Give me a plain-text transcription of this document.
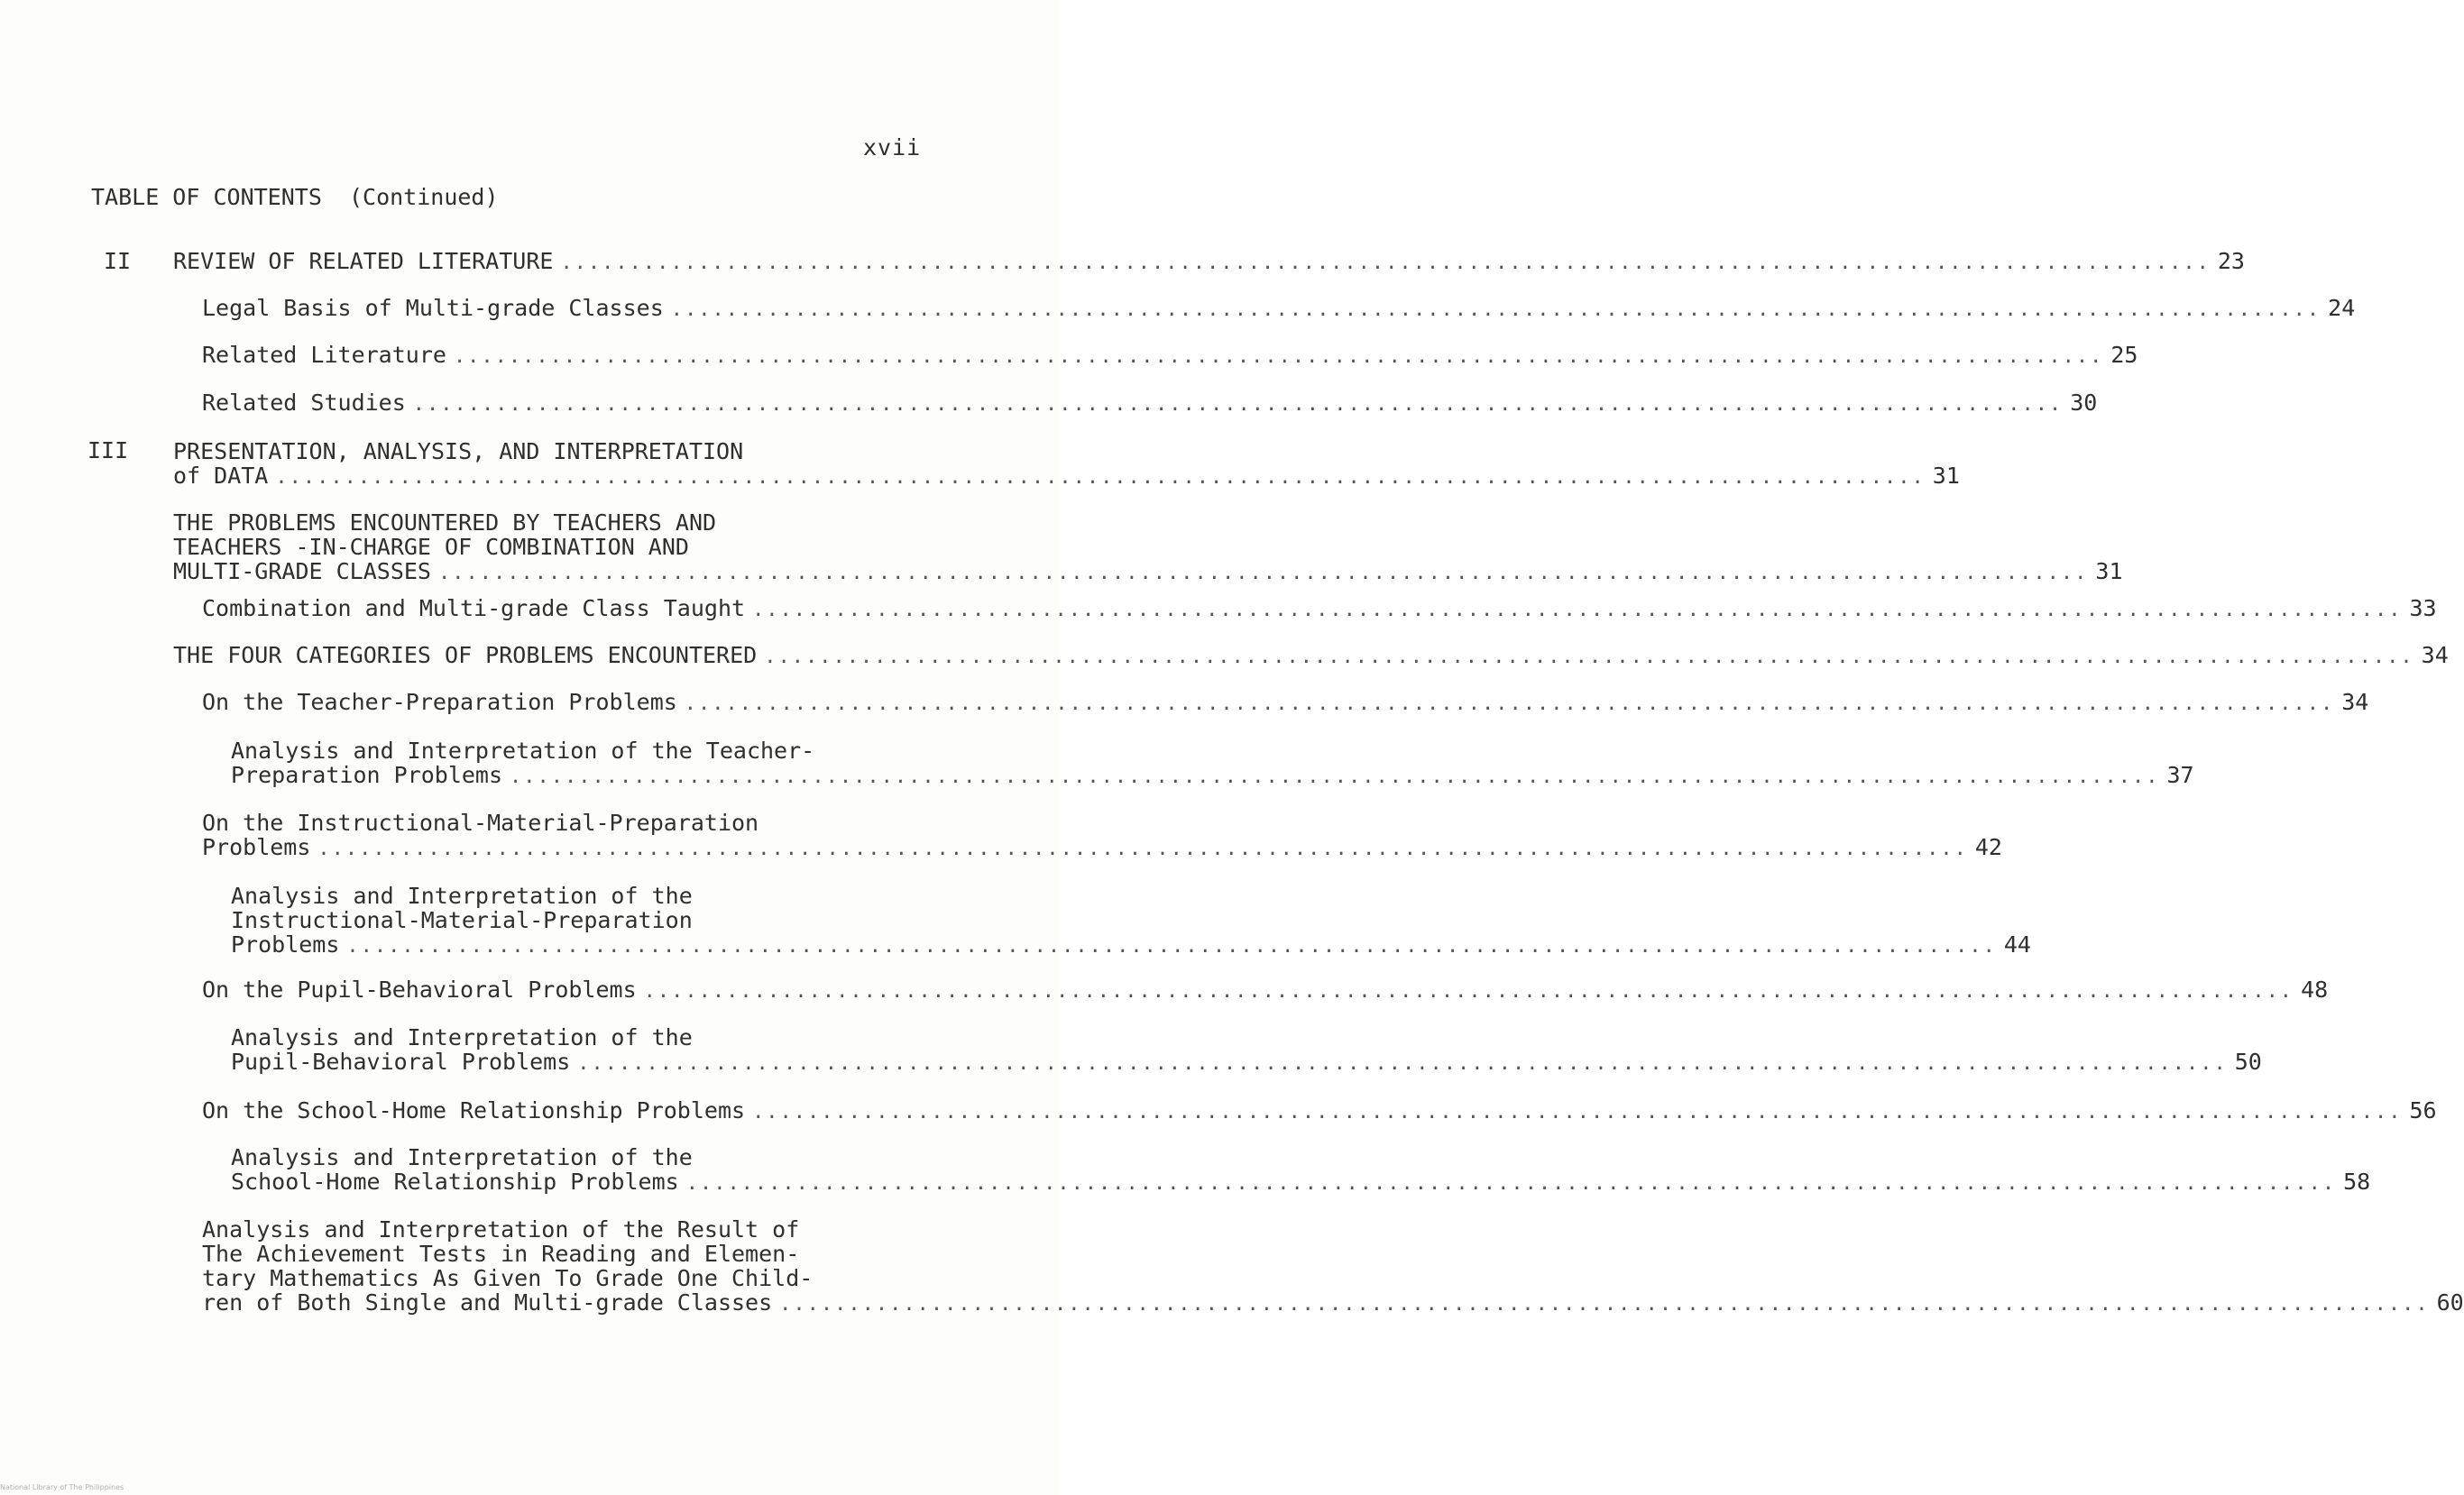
xvii
TABLE OF CONTENTS  (Continued)
II
III
REVIEW OF RELATED LITERATURE ........................................................................................................................ 23
Legal Basis of Multi-grade Classes ........................................................................................................................ 24
Related Literature ........................................................................................................................ 25
Related Studies ........................................................................................................................ 30
PRESENTATION, ANALYSIS, AND INTERPRETATION
of DATA ........................................................................................................................ 31
THE PROBLEMS ENCOUNTERED BY TEACHERS AND
TEACHERS -IN-CHARGE OF COMBINATION AND
MULTI-GRADE CLASSES ........................................................................................................................ 31
Combination and Multi-grade Class Taught ........................................................................................................................ 33
THE FOUR CATEGORIES OF PROBLEMS ENCOUNTERED ........................................................................................................................ 34
On the Teacher-Preparation Problems ........................................................................................................................ 34
Analysis and Interpretation of the Teacher-
Preparation Problems ........................................................................................................................ 37
On the Instructional-Material-Preparation
Problems ........................................................................................................................ 42
Analysis and Interpretation of the
Instructional-Material-Preparation
Problems ........................................................................................................................ 44
On the Pupil-Behavioral Problems ........................................................................................................................ 48
Analysis and Interpretation of the
Pupil-Behavioral Problems ........................................................................................................................ 50
On the School-Home Relationship Problems ........................................................................................................................ 56
Analysis and Interpretation of the
School-Home Relationship Problems ........................................................................................................................ 58
Analysis and Interpretation of the Result of
The Achievement Tests in Reading and Elemen-
tary Mathematics As Given To Grade One Child-
ren of Both Single and Multi-grade Classes ........................................................................................................................ 60
National Library of The Philippines
